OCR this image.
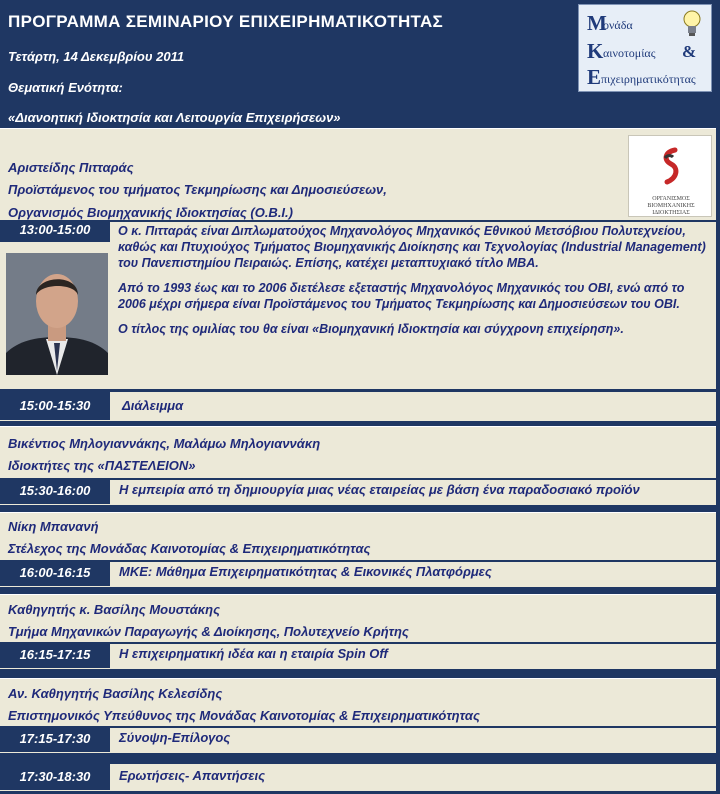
ΠΡΟΓΡΑΜΜΑ ΣΕΜΙΝΑΡΙΟΥ ΕΠΙΧΕΙΡΗΜΑΤΙΚΟΤΗΤΑΣ
Τετάρτη, 14 Δεκεμβρίου 2011
Θεματική Ενότητα:
«Διανοητική Ιδιοκτησία και Λειτουργία Επιχειρήσεων»
Μ
ονάδα
Κ αινοτομίας &
Ε πιχειρηματικότητας
Αριστείδης Πιτταράς
Προϊστάμενος του τμήματος Τεκμηρίωσης και Δημοσιεύσεων,
Οργανισμός Βιομηχανικής Ιδιοκτησίας (Ο.Β.Ι.)
ΟΡΓΑΝΙΣΜΟΣ
ΒΙΟΜΗΧΑΝΙΚΗΣ
ΙΔΙΟΚΤΗΣΙΑΣ
13:00-15:00	Ο κ. Πιτταράς είναι Διπλωματούχος Μηχανολόγος Μηχανικός Εθνικού Μετσόβιου Πολυτεχνείου, καθώς και Πτυχιούχος Τμήματος Βιομηχανικής Διοίκησης και Τεχνολογίας (Industrial Management) του Πανεπιστημίου Πειραιώς. Επίσης, κατέχει μεταπτυχιακό τίτλο ΜΒΑ.

Από το 1993 έως και το 2006 διετέλεσε εξεταστής Μηχανολόγος Μηχανικός του ΟΒΙ, ενώ από το 2006 μέχρι σήμερα είναι Προϊστάμενος του Τμήματος Τεκμηρίωσης και Δημοσιεύσεων του ΟΒΙ.

Ο τίτλος της ομιλίας του θα είναι «Βιομηχανική Ιδιοκτησία και σύγχρονη επιχείρηση».

15:00-15:30	Διάλειμμα
Βικέντιος Μηλογιαννάκης, Μαλάμω Μηλογιαννάκη
Ιδιοκτήτες της «ΠΑΣΤΕΛΕΙΟΝ»
15:30-16:00	Η εμπειρία από τη δημιουργία μιας νέας εταιρείας με βάση ένα παραδοσιακό προϊόν
Νίκη Μπανανή
Στέλεχος της Μονάδας Καινοτομίας & Επιχειρηματικότητας
16:00-16:15	ΜΚΕ: Μάθημα Επιχειρηματικότητας & Εικονικές Πλατφόρμες
Καθηγητής κ. Βασίλης Μουστάκης
Τμήμα Μηχανικών Παραγωγής & Διοίκησης, Πολυτεχνείο Κρήτης
16:15-17:15	Η επιχειρηματική ιδέα και η εταιρία Spin Off
Αν. Καθηγητής Βασίλης Κελεσίδης
Επιστημονικός Υπεύθυνος της Μονάδας Καινοτομίας & Επιχειρηματικότητας
17:15-17:30	Σύνοψη-Επίλογος
17:30-18:30	Ερωτήσεις- Απαντήσεις
